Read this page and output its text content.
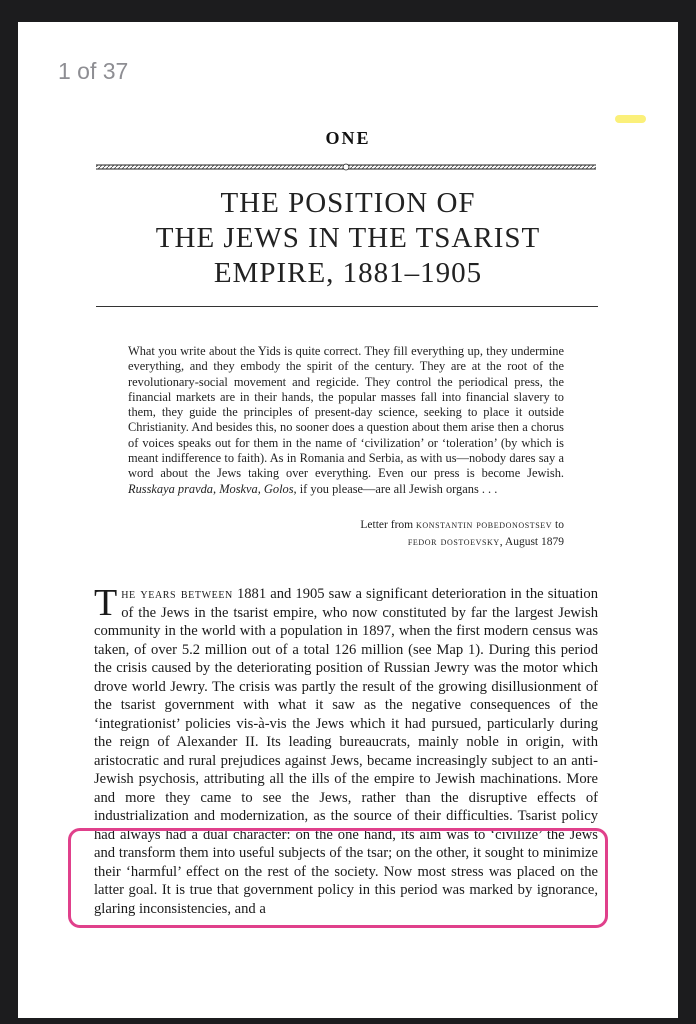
1 of 37
ONE
THE POSITION OF
THE JEWS IN THE TSARIST
EMPIRE, 1881–1905

What you write about the Yids is quite correct. They fill everything up, they undermine everything, and they embody the spirit of the century. They are at the root of the revolutionary-social movement and regicide. They control the periodical press, the financial markets are in their hands, the popular masses fall into financial slavery to them, they guide the principles of present-day science, seeking to place it outside Christianity. And besides this, no sooner does a question about them arise then a chorus of voices speaks out for them in the name of ‘civilization’ or ‘toleration’ (by which is meant indifference to faith). As in Romania and Serbia, as with us—nobody dares say a word about the Jews taking over everything. Even our press is become Jewish. Russkaya pravda, Moskva, Golos, if you please—are all Jewish organs . . .

Letter from konstantin pobedonostsev to
fedor dostoevsky, August 1879

The years between 1881 and 1905 saw a significant deterioration in the situation of the Jews in the tsarist empire, who now constituted by far the largest Jewish community in the world with a population in 1897, when the first modern census was taken, of over 5.2 million out of a total 126 million (see Map 1). During this period the crisis caused by the deteriorating position of Russian Jewry was the motor which drove world Jewry. The crisis was partly the result of the growing disillusionment of the tsarist government with what it saw as the negative consequences of the ‘integrationist’ policies vis-à-vis the Jews which it had pursued, particularly during the reign of Alexander II. Its leading bureaucrats, mainly noble in origin, with aristocratic and rural prejudices against Jews, became increasingly subject to an anti-Jewish psychosis, attributing all the ills of the empire to Jewish machinations. More and more they came to see the Jews, rather than the disruptive effects of industrialization and modernization, as the source of their difficulties. Tsarist policy had always had a dual character: on the one hand, its aim was to ‘civilize’ the Jews and transform them into useful subjects of the tsar; on the other, it sought to minimize their ‘harmful’ effect on the rest of the society. Now most stress was placed on the latter goal. It is true that government policy in this period was marked by ignorance, glaring inconsistencies, and a
